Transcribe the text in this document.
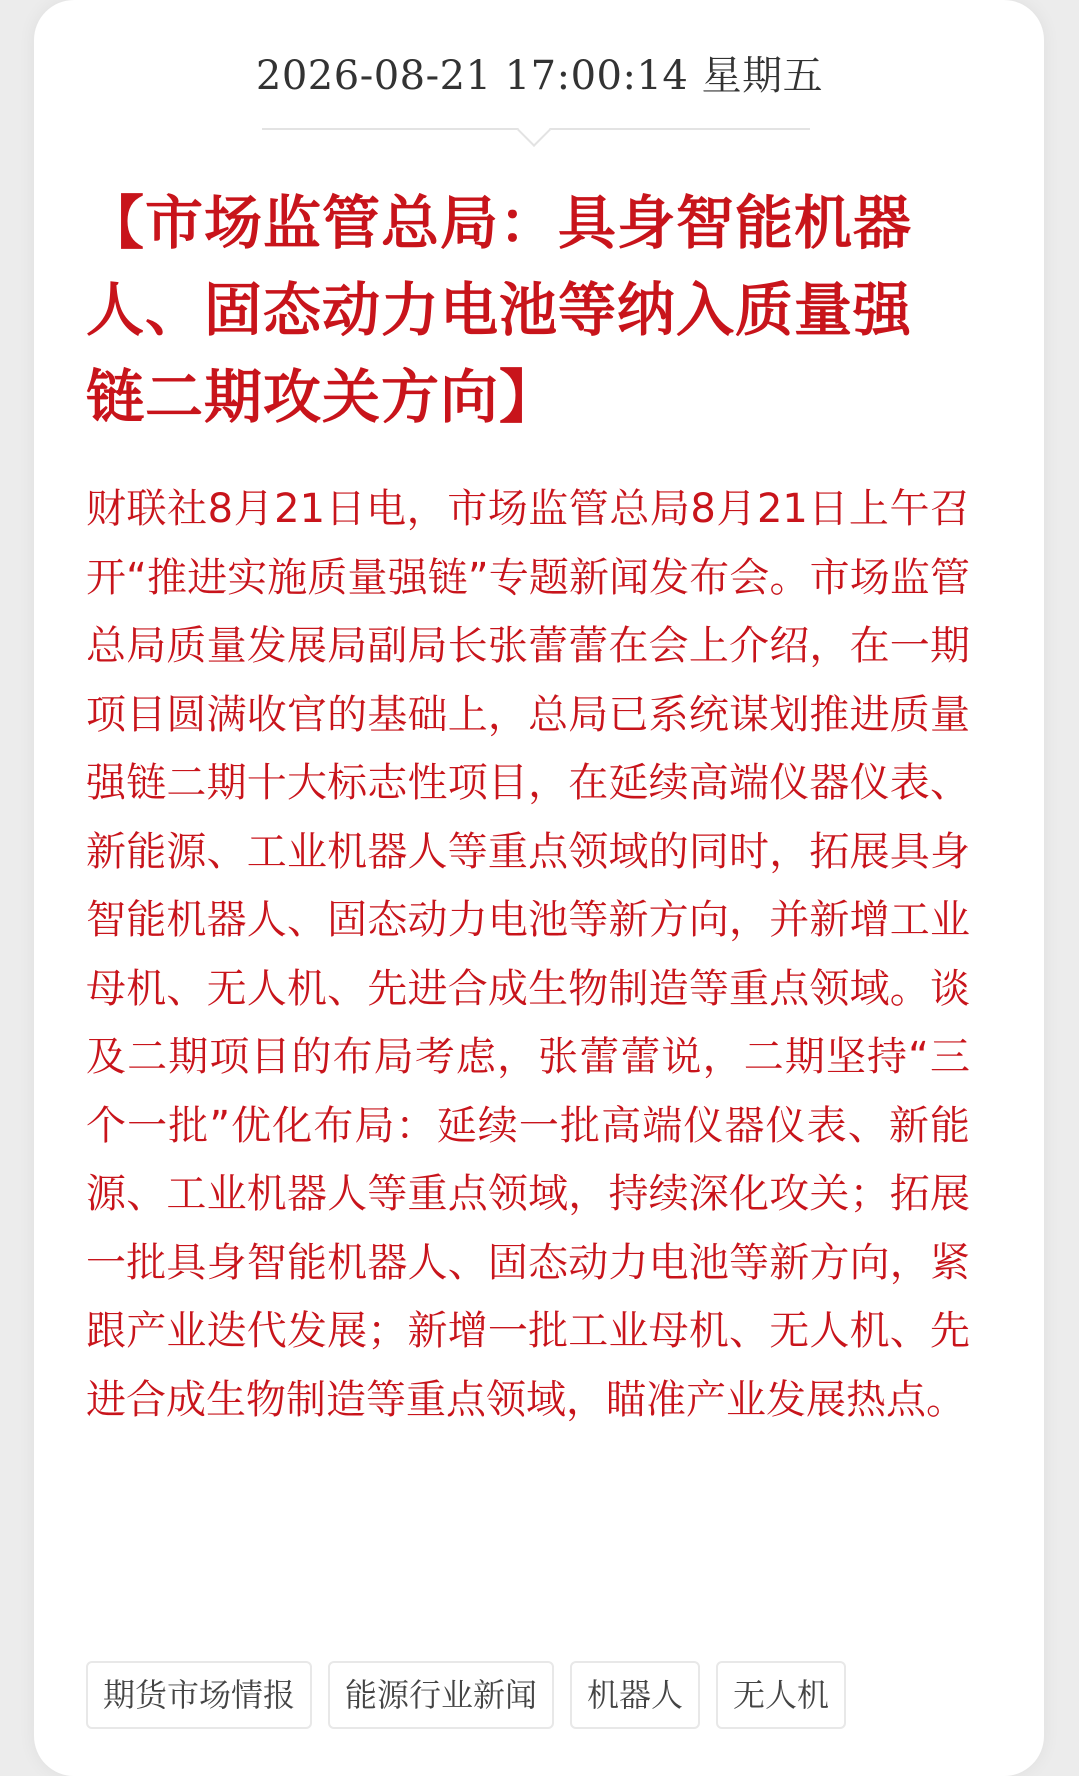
2026-08-21 17:00:14 星期五
【市场监管总局：具身智能机器人、固态动力电池等纳入质量强链二期攻关方向】

财联社8月21日电，市场监管总局8月21日上午召开“推进实施质量强链”专题新闻发布会。市场监管总局质量发展局副局长张蕾蕾在会上介绍，在一期项目圆满收官的基础上，总局已系统谋划推进质量强链二期十大标志性项目，在延续高端仪器仪表、新能源、工业机器人等重点领域的同时，拓展具身智能机器人、固态动力电池等新方向，并新增工业母机、无人机、先进合成生物制造等重点领域。谈及二期项目的布局考虑，张蕾蕾说，二期坚持“三个一批”优化布局：延续一批高端仪器仪表、新能源、工业机器人等重点领域，持续深化攻关；拓展一批具身智能机器人、固态动力电池等新方向，紧跟产业迭代发展；新增一批工业母机、无人机、先进合成生物制造等重点领域，瞄准产业发展热点。

期货市场情报	能源行业新闻	机器人	无人机
